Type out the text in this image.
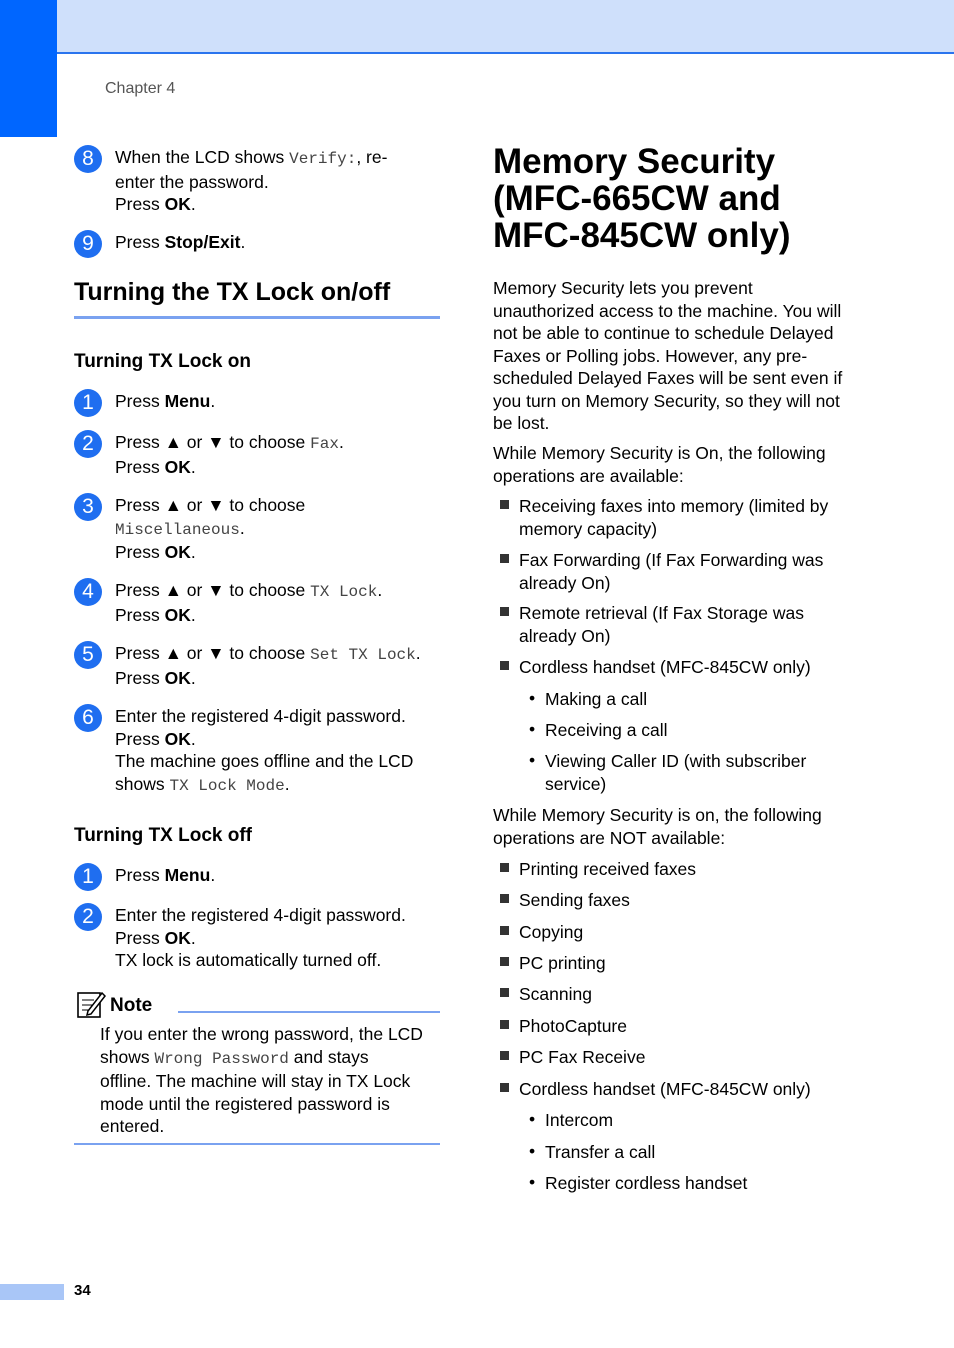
Chapter 4
34
8	When the LCD shows Verify:, re-
enter the password.
Press OK.
9	Press Stop/Exit.
Turning the TX Lock on/off
Turning TX Lock on
1	Press Menu.
2	Press ▲ or ▼ to choose Fax.
Press OK.
3	Press ▲ or ▼ to choose
Miscellaneous.
Press OK.
4	Press ▲ or ▼ to choose TX Lock.
Press OK.
5	Press ▲ or ▼ to choose Set TX Lock.
Press OK.
6	Enter the registered 4-digit password.
Press OK.
The machine goes offline and the LCD
shows TX Lock Mode.
Turning TX Lock off
1	Press Menu.
2	Enter the registered 4-digit password.
Press OK.
TX lock is automatically turned off.
Note
If you enter the wrong password, the LCD
shows Wrong Password and stays
offline. The machine will stay in TX Lock
mode until the registered password is
entered.
Memory Security
(MFC-665CW and
MFC-845CW only)
Memory Security lets you prevent
unauthorized access to the machine. You will
not be able to continue to schedule Delayed
Faxes or Polling jobs. However, any pre-
scheduled Delayed Faxes will be sent even if
you turn on Memory Security, so they will not
be lost.
While Memory Security is On, the following
operations are available:
Receiving faxes into memory (limited by
memory capacity)
Fax Forwarding (If Fax Forwarding was
already On)
Remote retrieval (If Fax Storage was
already On)
Cordless handset (MFC-845CW only)
• Making a call
• Receiving a call
• Viewing Caller ID (with subscriber
service)
While Memory Security is on, the following
operations are NOT available:
Printing received faxes
Sending faxes
Copying
PC printing
Scanning
PhotoCapture
PC Fax Receive
Cordless handset (MFC-845CW only)
• Intercom
• Transfer a call
• Register cordless handset
